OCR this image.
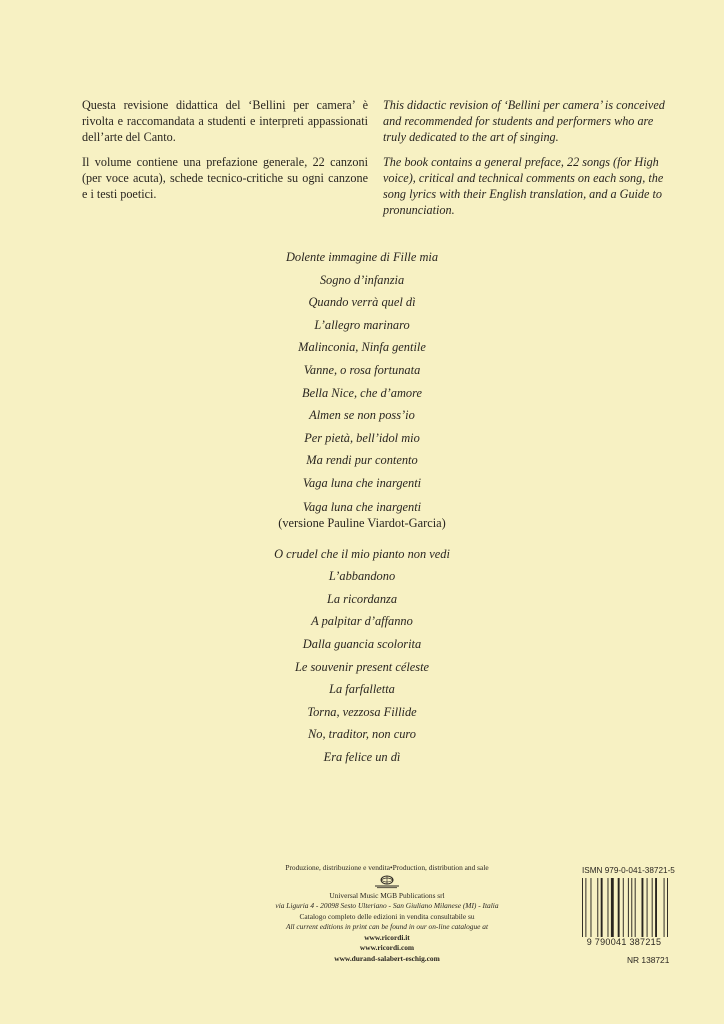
Questa revisione didattica del ‘Bellini per camera’ è rivolta e raccomandata a studenti e interpreti appassionati dell’arte del Canto.

Il volume contiene una prefazione generale, 22 canzoni (per voce acuta), schede tecnico-critiche su ogni canzone e i testi poetici.

This didactic revision of ‘Bellini per camera’ is conceived and recommended for students and performers who are truly dedicated to the art of singing.

The book contains a general preface, 22 songs (for High voice), critical and technical comments on each song, the song lyrics with their English translation, and a Guide to pronunciation.

Dolente immagine di Fille mia
Sogno d’infanzia
Quando verrà quel dì
L’allegro marinaro
Malinconia, Ninfa gentile
Vanne, o rosa fortunata
Bella Nice, che d’amore
Almen se non poss’io
Per pietà, bell’idol mio
Ma rendi pur contento
Vaga luna che inargenti
Vaga luna che inargenti
(versione Pauline Viardot-Garcia)
O crudel che il mio pianto non vedi
L’abbandono
La ricordanza
A palpitar d’affanno
Dalla guancia scolorita
Le souvenir present céleste
La farfalletta
Torna, vezzosa Fillide
No, traditor, non curo
Era felice un dì
Produzione, distribuzione e vendita•Production, distribution and sale
Universal Music MGB Publications srl
via Liguria 4 - 20098 Sesto Ulteriano - San Giuliano Milanese (MI) - Italia
Catalogo completo delle edizioni in vendita consultabile su
All current editions in print can be found in our on-line catalogue at
www.ricordi.it
www.ricordi.com
www.durand-salabert-eschig.com
ISMN 979-0-041-38721-5
9 790041 387215
NR 138721
